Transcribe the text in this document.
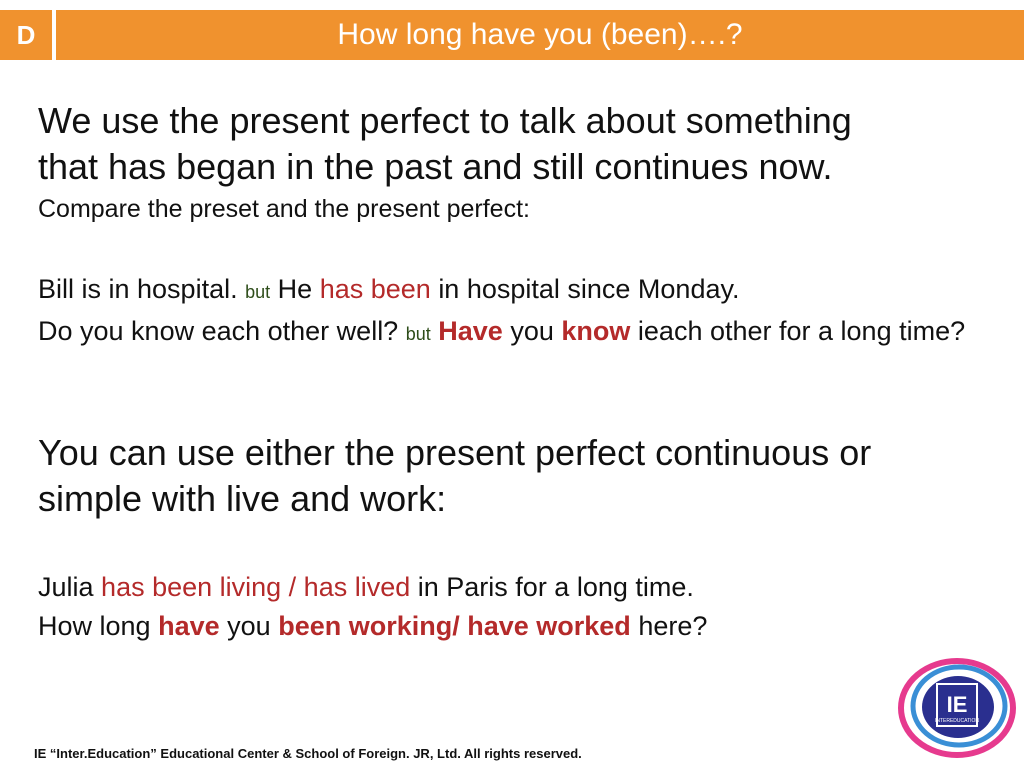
D	How long have you (been)….?
We use the present perfect to talk about something
that has began in the past and still continues now.
Compare the preset and the present perfect:
Bill is in hospital. but He has been in hospital since Monday.
Do you know each other well? but Have you know ieach other for a long time?
You can use either the present perfect continuous or
simple with live and work:
Julia has been living / has lived in Paris for a long time.
How long have you been working/ have worked here?
IE “Inter.Education” Educational Center & School of Foreign. JR, Ltd. All rights reserved.
IE
INTEREDUCATION
